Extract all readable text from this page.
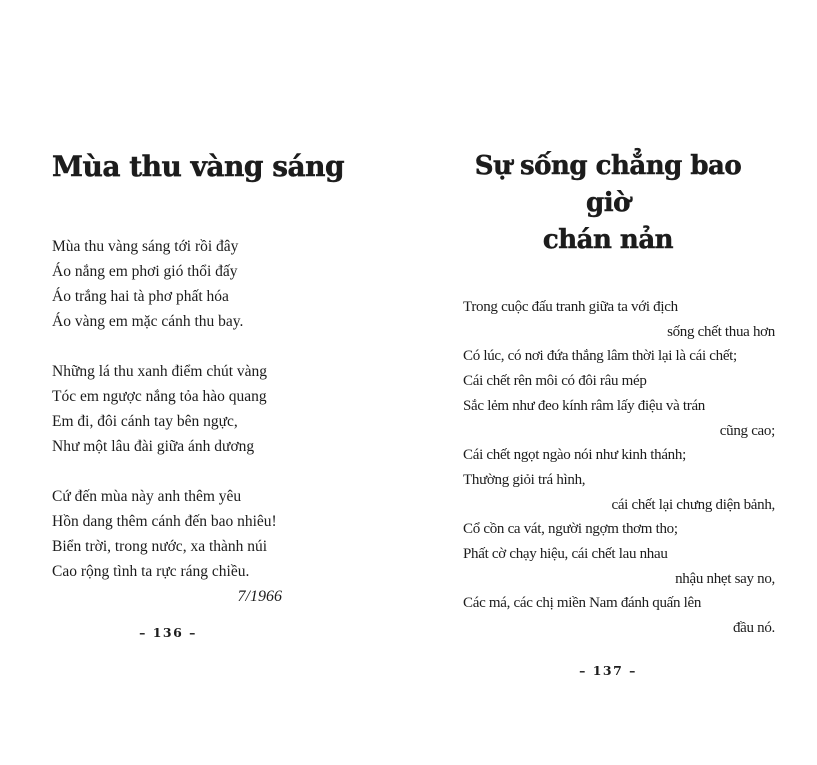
Mùa thu vàng sáng
Mùa thu vàng sáng tới rồi đây
Áo nắng em phơi gió thổi đấy
Áo trắng hai tà phơ phất hóa
Áo vàng em mặc cánh thu bay.
Những lá thu xanh điểm chút vàng
Tóc em ngược nắng tỏa hào quang
Em đi, đôi cánh tay bên ngực,
Như một lâu đài giữa ánh dương
Cứ đến mùa này anh thêm yêu
Hồn dang thêm cánh đến bao nhiêu!
Biển trời, trong nước, xa thành núi
Cao rộng tình ta rực ráng chiều.
7/1966
– 136 –
Sự sống chẳng bao giờ
chán nản
Trong cuộc đấu tranh giữa ta với địch
sống chết thua hơn
Có lúc, có nơi đứa thắng lâm thời lại là cái chết;
Cái chết rên môi có đôi râu mép
Sắc lẻm như đeo kính râm lấy điệu và trán
cũng cao;
Cái chết ngọt ngào nói như kinh thánh;
Thường giỏi trá hình,
cái chết lại chưng diện bảnh,
Cổ cồn ca vát, người ngợm thơm tho;
Phất cờ chạy hiệu, cái chết lau nhau
nhậu nhẹt say no,
Các má, các chị miền Nam đánh quấn lên
đầu nó.
– 137 –
